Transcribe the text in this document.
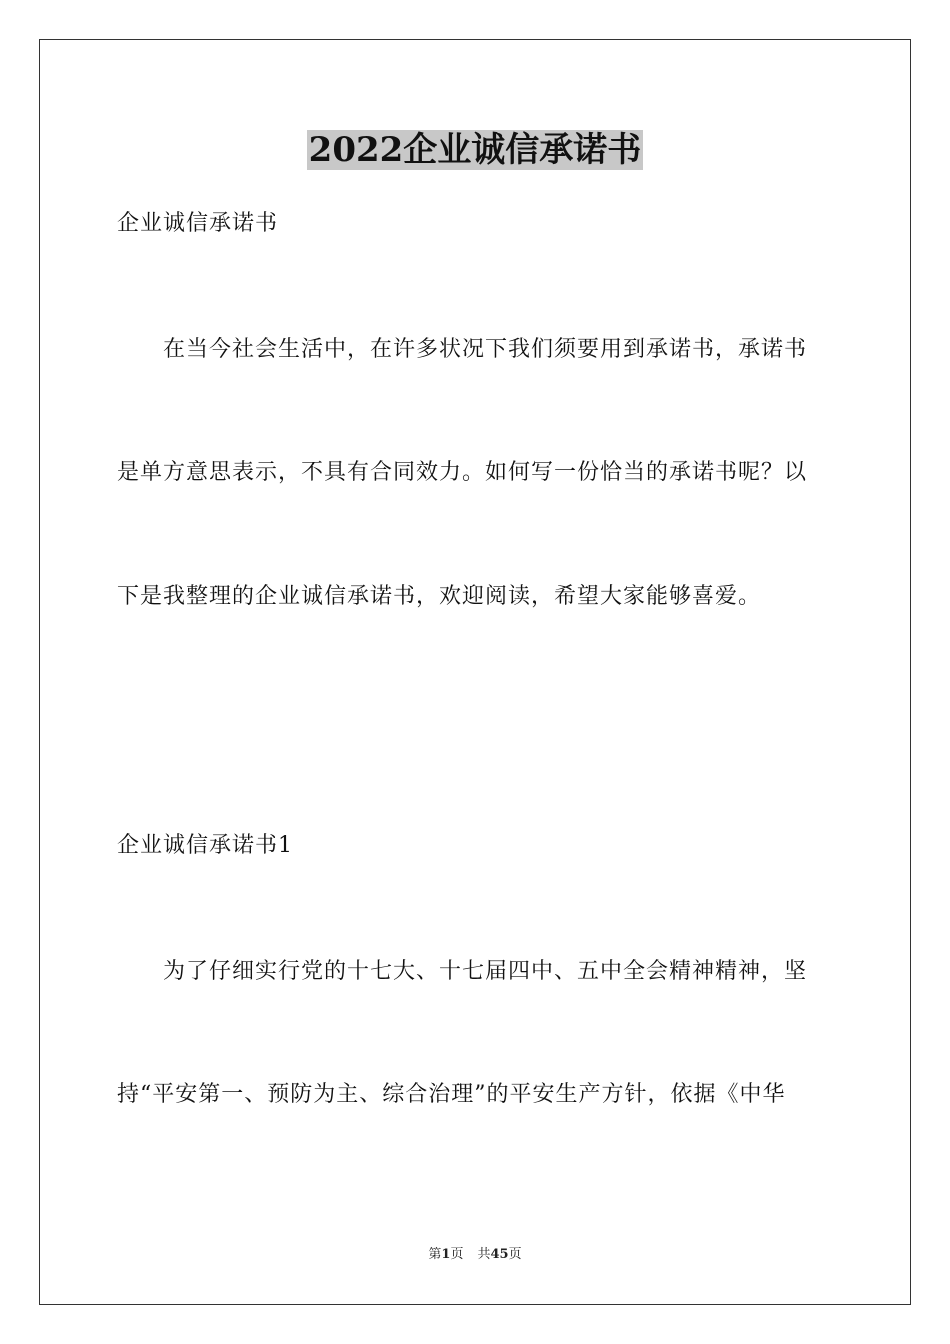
2022企业诚信承诺书
企业诚信承诺书
在当今社会生活中，在许多状况下我们须要用到承诺书，承诺书
是单方意思表示，不具有合同效力。如何写一份恰当的承诺书呢？以
下是我整理的企业诚信承诺书，欢迎阅读，希望大家能够喜爱。
企业诚信承诺书1
为了仔细实行党的十七大、十七届四中、五中全会精神精神，坚
持“平安第一、预防为主、综合治理”的平安生产方针，依据《中华
第1页 共45页
